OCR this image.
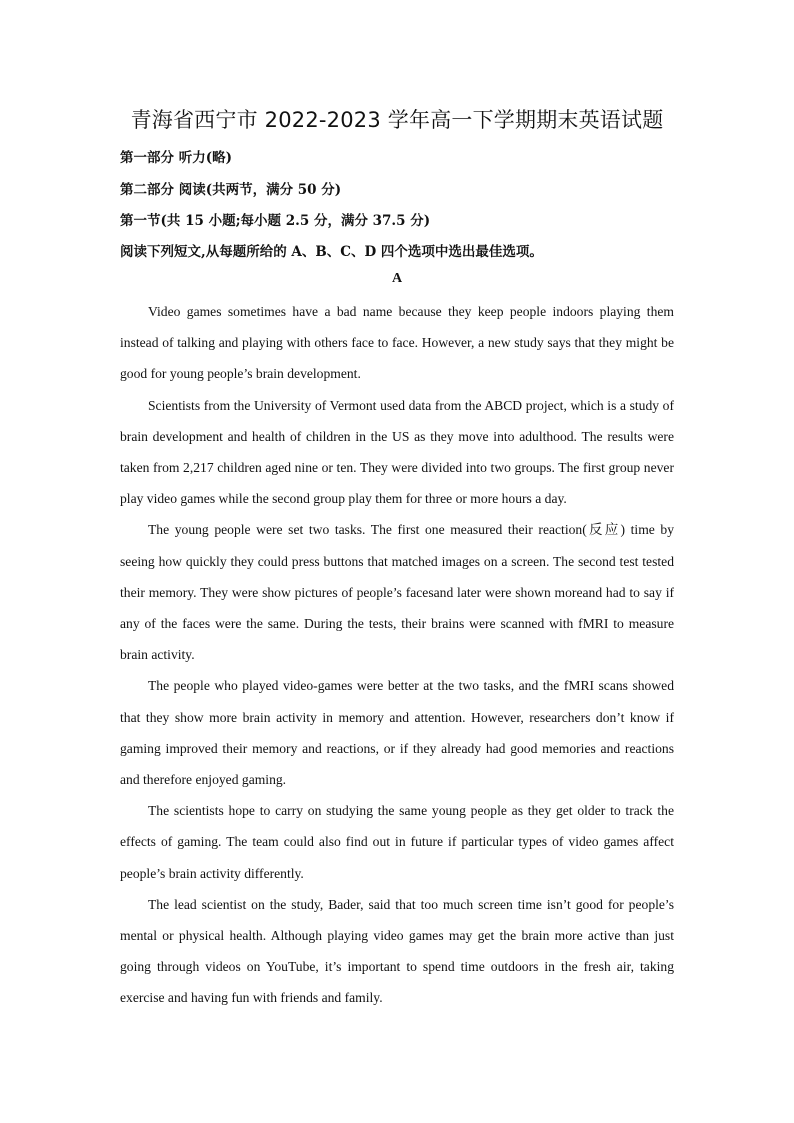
青海省西宁市 2022-2023 学年高一下学期期末英语试题
第一部分 听力(略)
第二部分 阅读(共两节，满分 50 分)
第一节(共 15 小题;每小题 2.5 分，满分 37.5 分)
阅读下列短文,从每题所给的 A、B、C、D 四个选项中选出最佳选项。
A

Video games sometimes have a bad name because they keep people indoors playing them instead of talking and playing with others face to face. However, a new study says that they might be good for young people’s brain development.

Scientists from the University of Vermont used data from the ABCD project, which is a study of brain development and health of children in the US as they move into adulthood. The results were taken from 2,217 children aged nine or ten. They were divided into two groups. The first group never play video games while the second group play them for three or more hours a day.

The young people were set two tasks. The first one measured their reaction(反应) time by seeing how quickly they could press buttons that matched images on a screen. The second test tested their memory. They were show pictures of people’s facesand later were shown moreand had to say if any of the faces were the same. During the tests, their brains were scanned with fMRI to measure brain activity.

The people who played video-games were better at the two tasks, and the fMRI scans showed that they show more brain activity in memory and attention. However, researchers don’t know if gaming improved their memory and reactions, or if they already had good memories and reactions and therefore enjoyed gaming.

The scientists hope to carry on studying the same young people as they get older to track the effects of gaming. The team could also find out in future if particular types of video games affect people’s brain activity differently.

The lead scientist on the study, Bader, said that too much screen time isn’t good for people’s mental or physical health. Although playing video games may get the brain more active than just going through videos on YouTube, it’s important to spend time outdoors in the fresh air, taking exercise and having fun with friends and family.
